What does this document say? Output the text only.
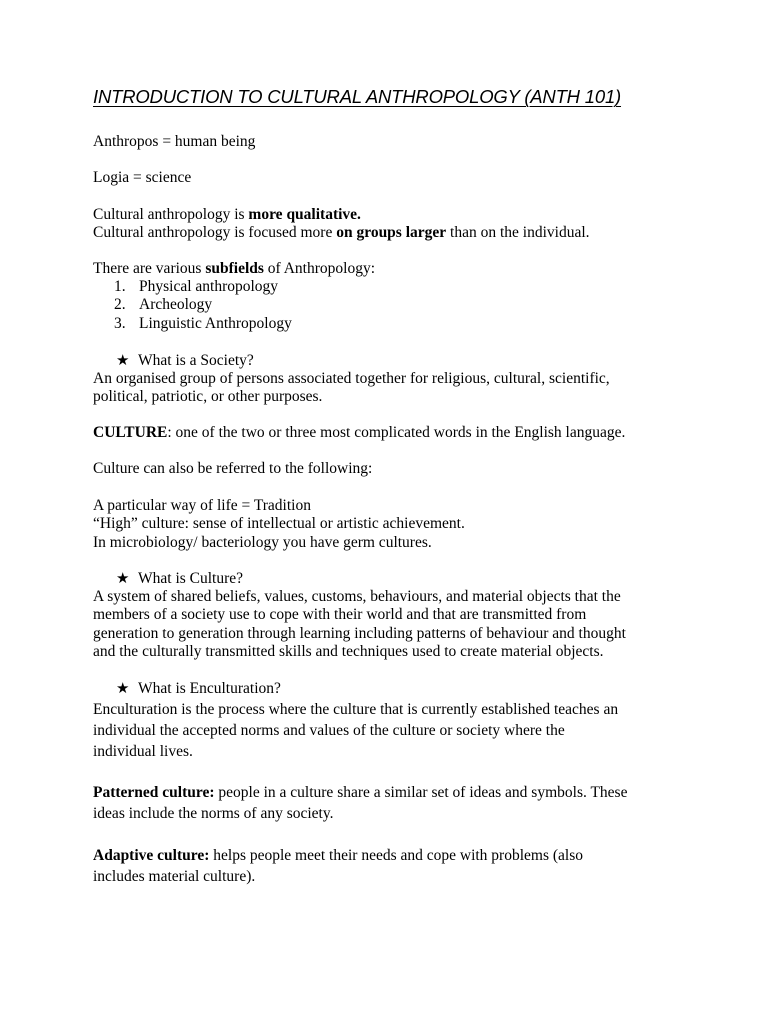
INTRODUCTION TO CULTURAL ANTHROPOLOGY (ANTH 101)

Anthropos = human being

Logia = science

Cultural anthropology is more qualitative.
Cultural anthropology is focused more on groups larger than on the individual.

There are various subfields of Anthropology:

1. Physical anthropology
2. Archeology
3. Linguistic Anthropology

★ What is a Society?

An organised group of persons associated together for religious, cultural, scientific,
political, patriotic, or other purposes.

CULTURE: one of the two or three most complicated words in the English language.

Culture can also be referred to the following:

A particular way of life = Tradition
“High” culture: sense of intellectual or artistic achievement.
In microbiology/ bacteriology you have germ cultures.

★ What is Culture?

A system of shared beliefs, values, customs, behaviours, and material objects that the
members of a society use to cope with their world and that are transmitted from
generation to generation through learning including patterns of behaviour and thought
and the culturally transmitted skills and techniques used to create material objects.

★ What is Enculturation?

Enculturation is the process where the culture that is currently established teaches an
individual the accepted norms and values of the culture or society where the
individual lives.

Patterned culture: people in a culture share a similar set of ideas and symbols. These
ideas include the norms of any society.

Adaptive culture: helps people meet their needs and cope with problems (also
includes material culture).
